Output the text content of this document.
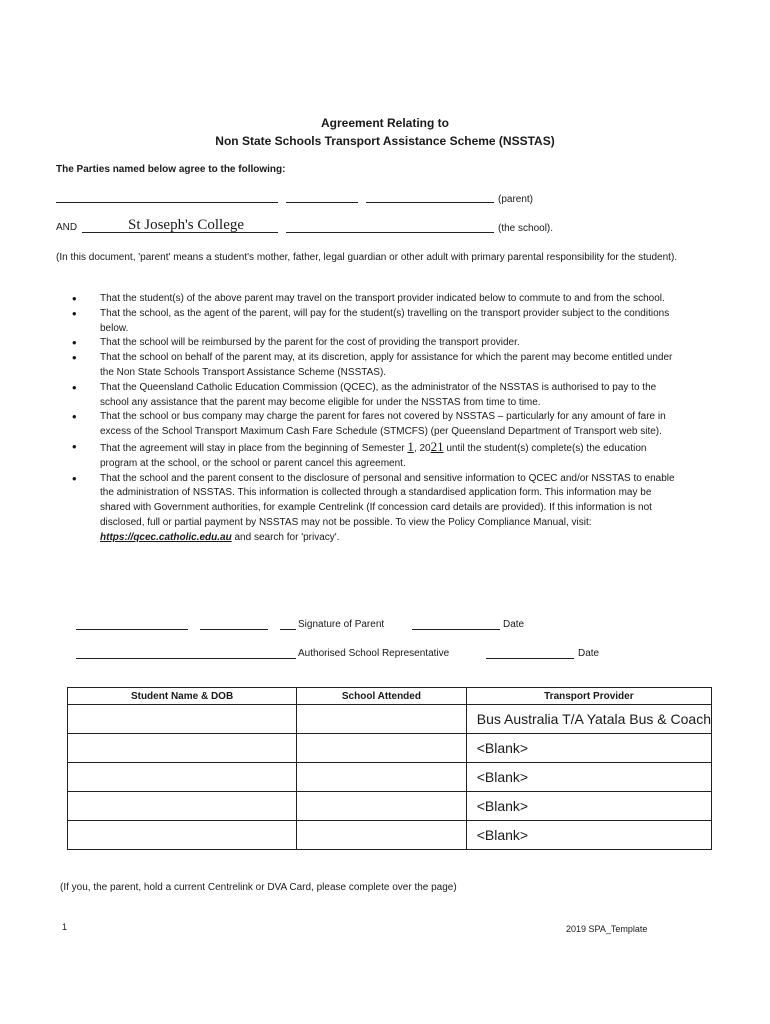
Agreement Relating to
Non State Schools Transport Assistance Scheme (NSSTAS)
The Parties named below agree to the following:
(parent)
AND	St Joseph's College	(the school).
(In this document, 'parent' means a student's mother, father, legal guardian or other adult with primary parental responsibility for the student).
• That the student(s) of the above parent may travel on the transport provider indicated below to commute to and from the school.
• That the school, as the agent of the parent, will pay for the student(s) travelling on the transport provider subject to the conditions below.
• That the school will be reimbursed by the parent for the cost of providing the transport provider.
• That the school on behalf of the parent may, at its discretion, apply for assistance for which the parent may become entitled under the Non State Schools Transport Assistance Scheme (NSSTAS).
• That the Queensland Catholic Education Commission (QCEC), as the administrator of the NSSTAS is authorised to pay to the school any assistance that the parent may become eligible for under the NSSTAS from time to time.
• That the school or bus company may charge the parent for fares not covered by NSSTAS – particularly for any amount of fare in excess of the School Transport Maximum Cash Fare Schedule (STMCFS) (per Queensland Department of Transport web site).
• That the agreement will stay in place from the beginning of Semester 1, 2021 until the student(s) complete(s) the education program at the school, or the school or parent cancel this agreement.
• That the school and the parent consent to the disclosure of personal and sensitive information to QCEC and/or NSSTAS to enable the administration of NSSTAS. This information is collected through a standardised application form. This information may be shared with Government authorities, for example Centrelink (If concession card details are provided). If this information is not disclosed, full or partial payment by NSSTAS may not be possible. To view the Policy Compliance Manual, visit: https://qcec.catholic.edu.au and search for 'privacy'.
Signature of Parent	Date
Authorised School Representative	Date
Student Name & DOB	School Attended	Transport Provider
		Bus Australia T/A Yatala Bus & Coach
		<Blank>
		<Blank>
		<Blank>
		<Blank>
(If you, the parent, hold a current Centrelink or DVA Card, please complete over the page)
1	2019 SPA_Template
